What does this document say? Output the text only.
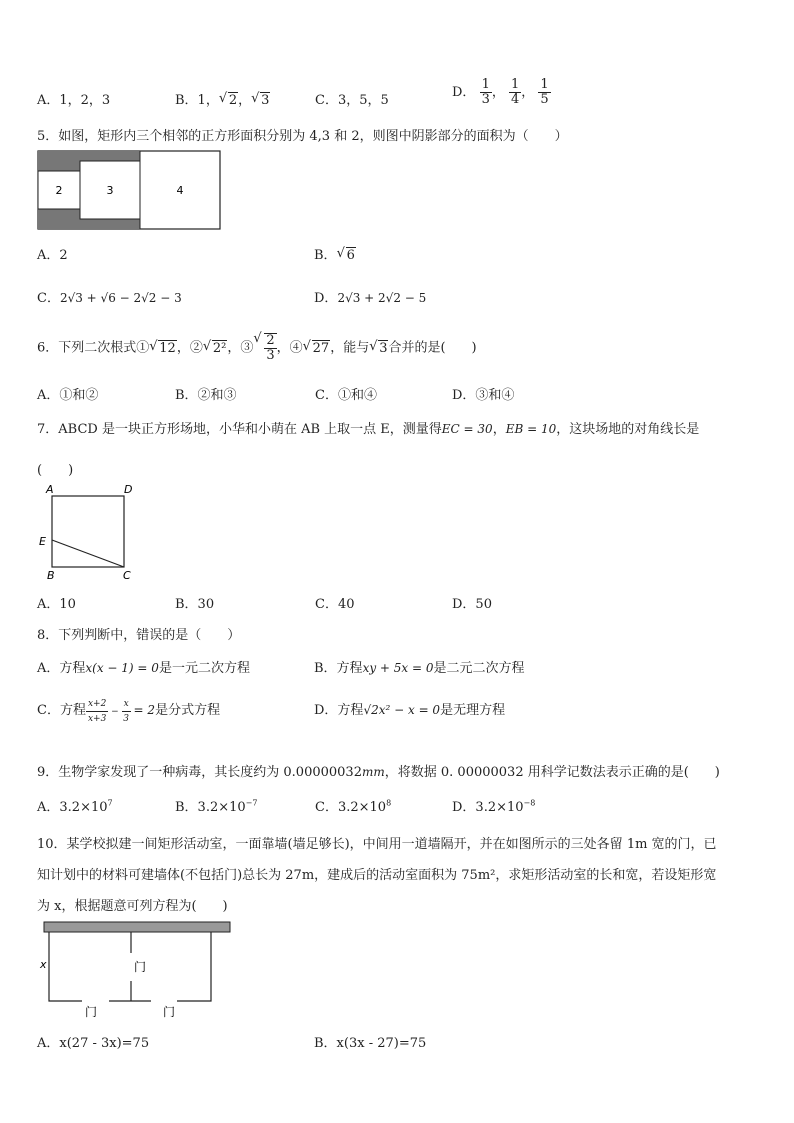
A．1，2，3	B．1， √ 2， √ 3	C．3，5，5
D． $\frac{1}{3}$ ， $\frac{1}{4}$ ， $\frac{1}{5}$
5．如图，矩形内三个相邻的正方形面积分别为 4,3 和 2，则图中阴影部分的面积为（　　）
2	3	4
A．2	B． √ 6
C．2√3 + √6 − 2√2 − 3	D．2√3 + 2√2 − 5
6．下列二次根式① √ 12，② √ 2²，③ √ $\frac{2}{3}$ ，④ √ 27，能与 √ 3合并的是(　　)
A．①和②	B．②和③	C．①和④	D．③和④
7．ABCD 是一块正方形场地，小华和小萌在 AB 上取一点 E，测量得EC = 30，EB = 10，这块场地的对角线长是
(　　)
A	D
E
B	C
A．10	B．30	C．40	D．50
8．下列判断中，错误的是（　　）
A．方程x(x − 1) = 0是一元二次方程	B．方程xy + 5x = 0是二元二次方程
C．方程 $\frac{x+2}{x+3} - \frac{x}{3} = 2$是分式方程	D．方程√2x² − x = 0是无理方程
9．生物学家发现了一种病毒，其长度约为 0.00000032mm，将数据 0. 00000032 用科学记数法表示正确的是(　　)
A．$3.2\times 10^7$	B．$3.2\times 10^{-7}$	C．$3.2\times 10^8$	D．$3.2\times 10^{-8}$
10．某学校拟建一间矩形活动室，一面靠墙(墙足够长)，中间用一道墙隔开，并在如图所示的三处各留 1m 宽的门，已
知计划中的材料可建墙体(不包括门)总长为 27m，建成后的活动室面积为 75m²，求矩形活动室的长和宽，若设矩形宽
为 x，根据题意可列方程为(　　)
x	门
门	门
A．x(27 - 3x)=75	B．x(3x - 27)=75
